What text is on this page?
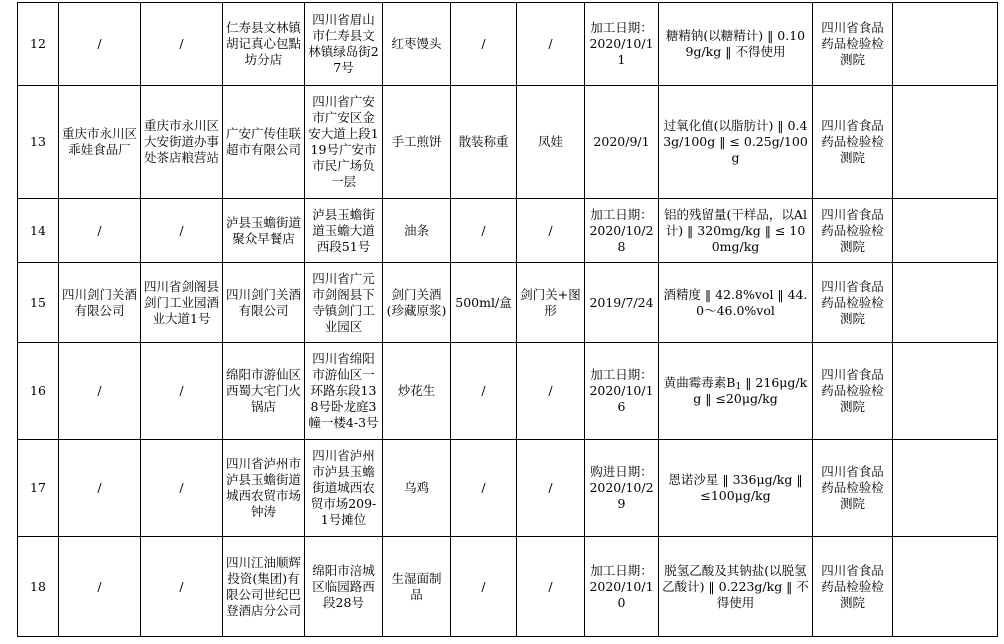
12	/	/	仁寿县文林镇胡记真心包點坊分店	四川省眉山市仁寿县文林镇绿岛街27号	红枣馒头	/	/	加工日期：2020/10/11	糖精钠(以糖精计) ‖ 0.109g/kg ‖ 不得使用	四川省食品药品检验检测院	
13	重庆市永川区乖娃食品厂	重庆市永川区大安街道办事处茶店粮营站	广安广传佳联超市有限公司	四川省广安市广安区金安大道上段119号广安市市民广场负一层	手工煎饼	散装称重	凤娃	2020/9/1	过氧化值(以脂肪计) ‖ 0.43g/100g ‖ ≤ 0.25g/100g	四川省食品药品检验检测院	
14	/	/	泸县玉蟾街道聚众早餐店	泸县玉蟾街道玉蟾大道西段51号	油条	/	/	加工日期：2020/10/28	铝的残留量(干样品，以Al计) ‖ 320mg/kg ‖ ≤ 100mg/kg	四川省食品药品检验检测院	
15	四川剑门关酒有限公司	四川省剑阁县剑门工业园酒业大道1号	四川剑门关酒有限公司	四川省广元市剑阁县下寺镇剑门工业园区	剑门关酒(珍藏原浆)	500ml/盒	剑门关+图形	2019/7/24	酒精度 ‖ 42.8%vol ‖ 44.0～46.0%vol	四川省食品药品检验检测院	
16	/	/	绵阳市游仙区西蜀大宅门火锅店	四川省绵阳市游仙区一环路东段138号卧龙庭3幢一楼4-3号	炒花生	/	/	加工日期：2020/10/16	黄曲霉毒素$B_1$ ‖ 216μg/kg ‖ ≤20μg/kg	四川省食品药品检验检测院	
17	/	/	四川省泸州市泸县玉蟾街道城西农贸市场钟涛	四川省泸州市泸县玉蟾街道城西农贸市场209-1号摊位	乌鸡	/	/	购进日期：2020/10/29	恩诺沙星 ‖ 336μg/kg ‖ ≤100μg/kg	四川省食品药品检验检测院	
18	/	/	四川江油顺辉投资(集团)有限公司世纪巴登酒店分公司	绵阳市涪城区临园路西段28号	生湿面制品	/	/	加工日期：2020/10/10	脱氢乙酸及其钠盐(以脱氢乙酸计) ‖ 0.223g/kg ‖ 不得使用	四川省食品药品检验检测院	
